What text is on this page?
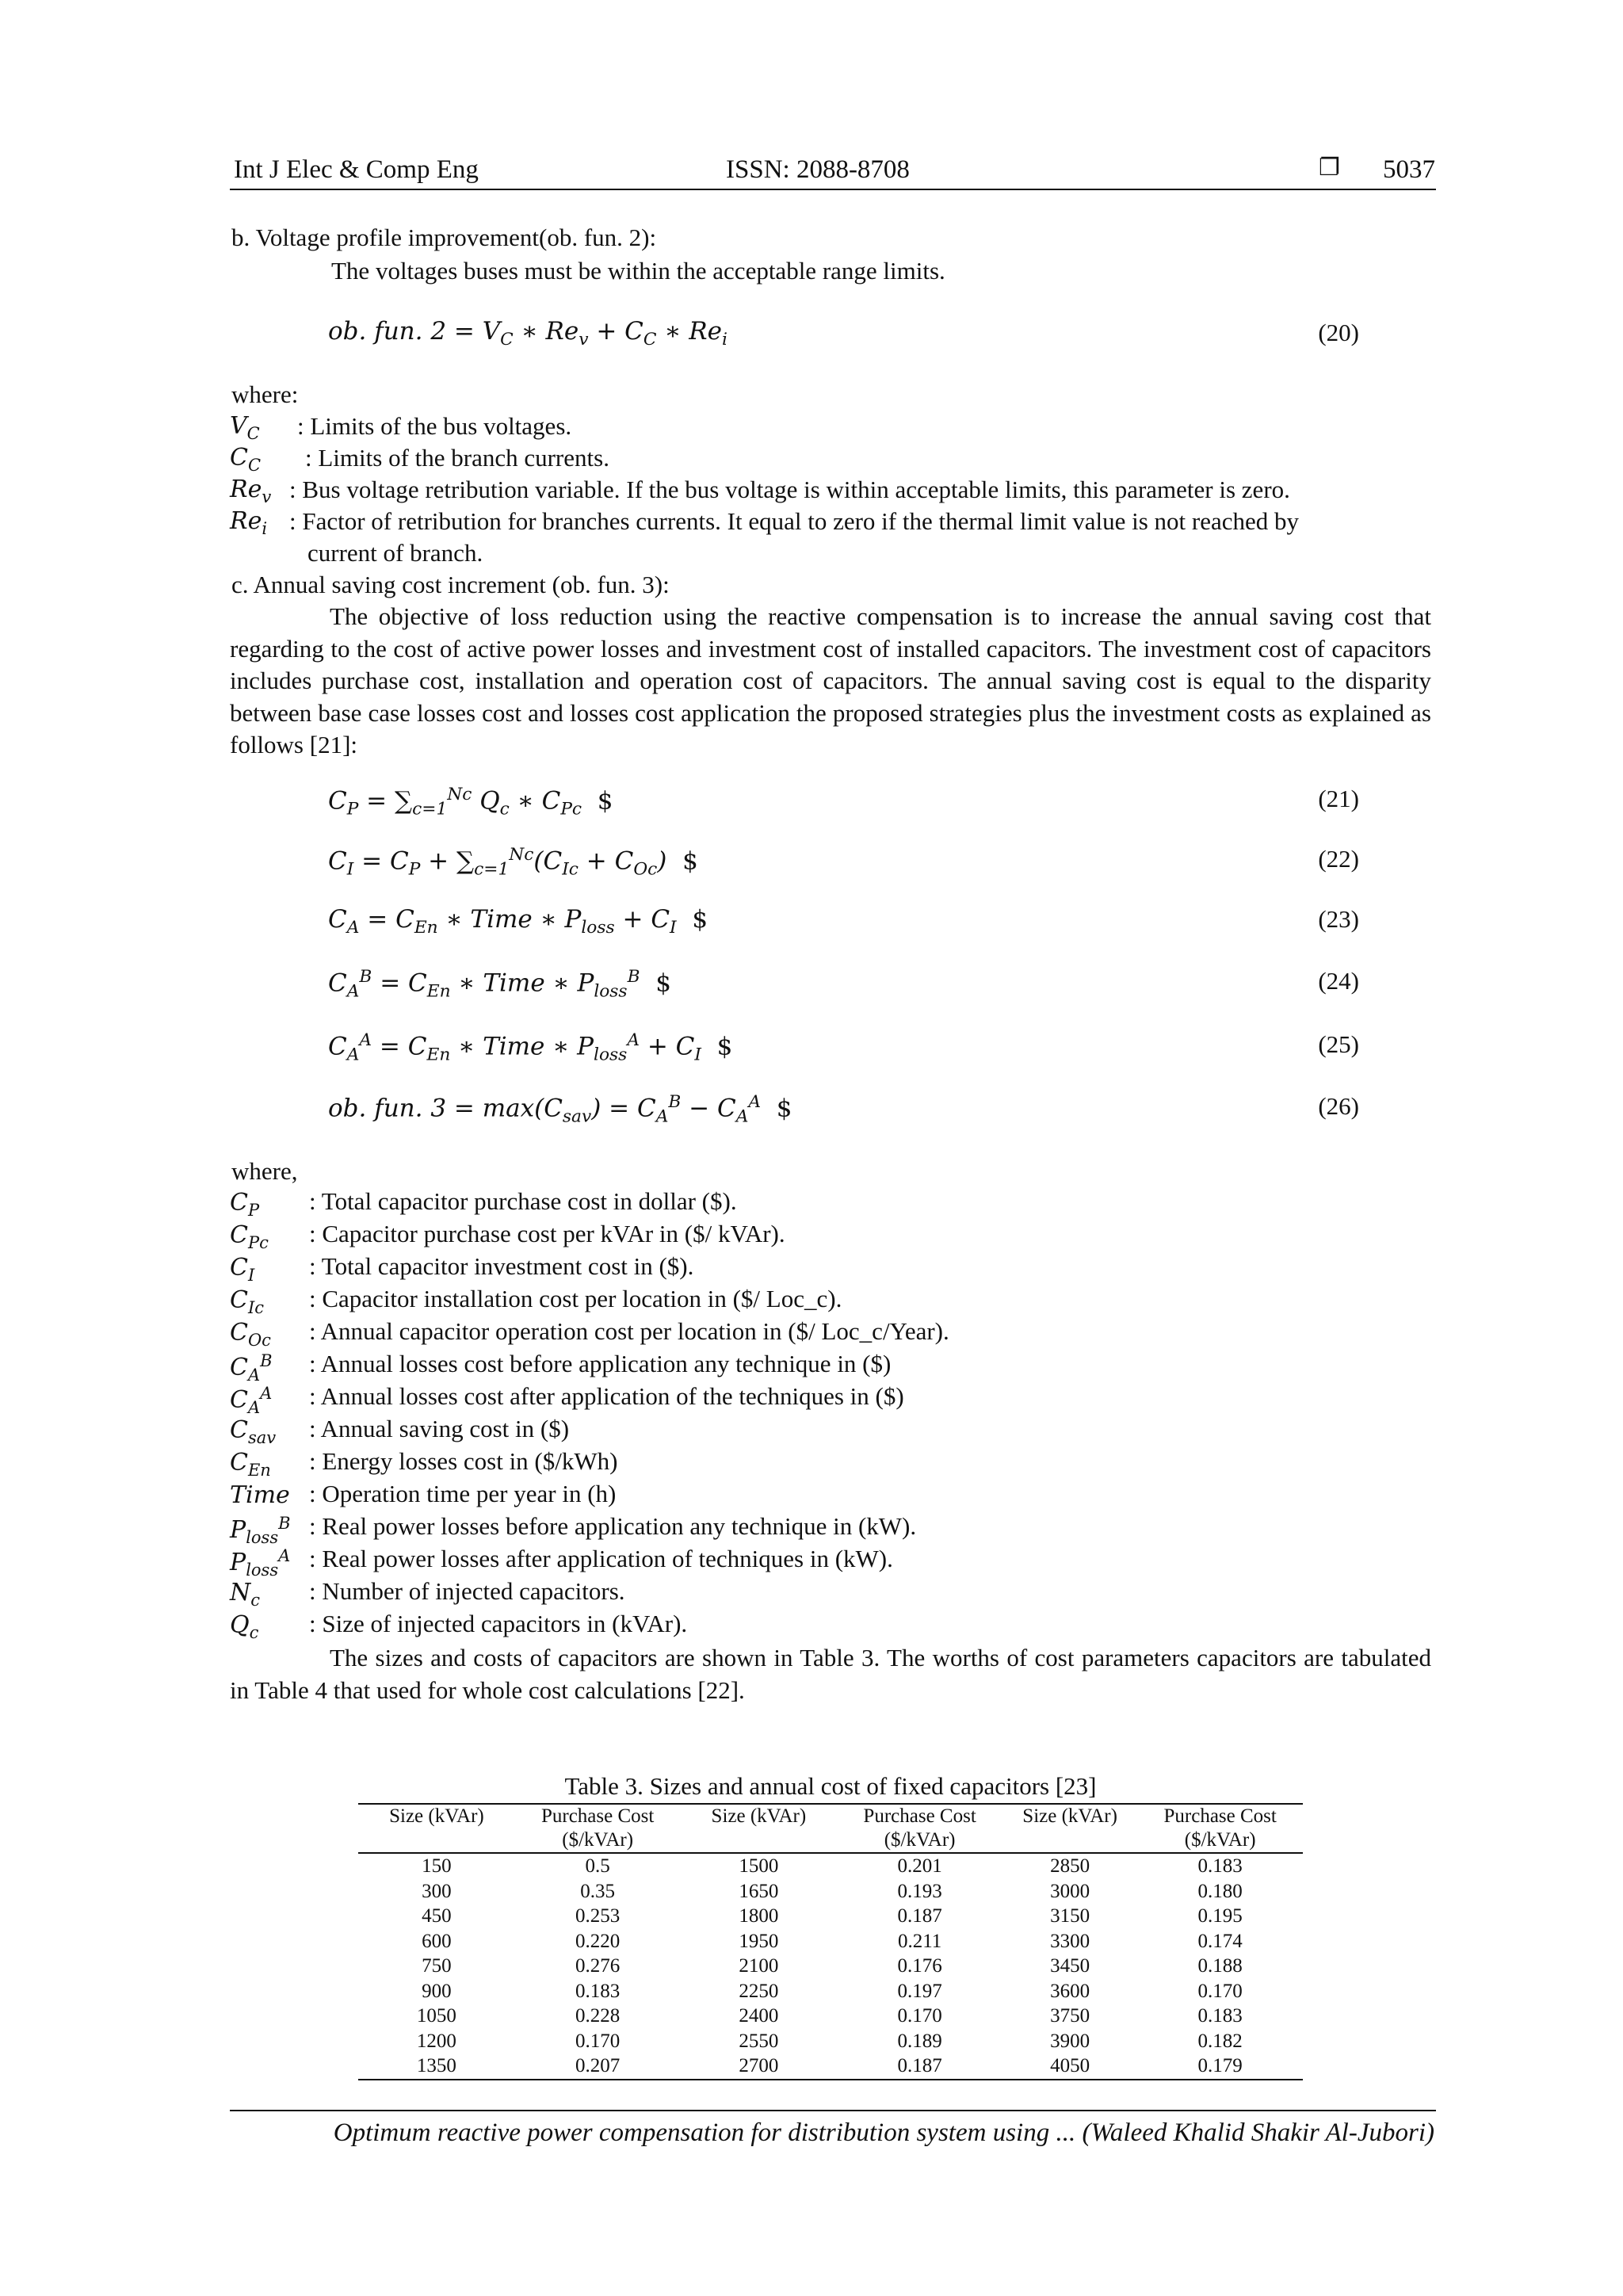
Int J Elec & Comp Eng	ISSN: 2088-8708	❐ 5037
b. Voltage profile improvement(ob. fun. 2):
The voltages buses must be within the acceptable range limits.
ob. fun. $2 = V_C$ ∗ $Re_v + C_C$ ∗ $Re_i$	(20)
where:
$V_C$ : Limits of the bus voltages.
$C_C$ : Limits of the branch currents.
$Re_v$ : Bus voltage retribution variable. If the bus voltage is within acceptable limits, this parameter is zero.
$Re_i$ : Factor of retribution for branches currents. It equal to zero if the thermal limit value is not reached by
current of branch.
c. Annual saving cost increment (ob. fun. 3):
The objective of loss reduction using the reactive compensation is to increase the annual saving cost that regarding to the cost of active power losses and investment cost of installed capacitors. The investment cost of capacitors includes purchase cost, installation and operation cost of capacitors. The annual saving cost is equal to the disparity between base case losses cost and losses cost application the proposed strategies plus the investment costs as explained as follows [21]:
$C_P = \sum_{c=1}^{Nc}$ $Q_c$ ∗ $C_{Pc}$  $	(21)
$C_I = C_P + \sum_{c=1}^{Nc}(C_{Ic} + C_{Oc})$  $	(22)
$C_A = C_{En}$ ∗ Time ∗ $P_{loss} + C_I$  $	(23)
$C_A^B = C_{En}$ ∗ Time ∗ $P_{loss}^B$  $	(24)
$C_A^A = C_{En}$ ∗ Time ∗ $P_{loss}^A + C_I$  $	(25)
ob. fun. $3 = \max(C_{sav}) = C_A^B - C_A^A$  $	(26)
where,
$C_P$ : Total capacitor purchase cost in dollar ($).
$C_{Pc}$ : Capacitor purchase cost per kVAr in ($/ kVAr).
$C_I$ : Total capacitor investment cost in ($).
$C_{Ic}$ : Capacitor installation cost per location in ($/ Loc_c).
$C_{Oc}$ : Annual capacitor operation cost per location in ($/ Loc_c/Year).
$C_A^B$ : Annual losses cost before application any technique in ($)
$C_A^A$ : Annual losses cost after application of the techniques in ($)
$C_{sav}$ : Annual saving cost in ($)
$C_{En}$ : Energy losses cost in ($/kWh)
Time : Operation time per year in (h)
$P_{loss}^B$ : Real power losses before application any technique in (kW).
$P_{loss}^A$ : Real power losses after application of techniques in (kW).
$N_c$ : Number of injected capacitors.
$Q_c$ : Size of injected capacitors in (kVAr).
The sizes and costs of capacitors are shown in Table 3. The worths of cost parameters capacitors are tabulated in Table 4 that used for whole cost calculations [22].
Table 3. Sizes and annual cost of fixed capacitors [23]
Size (kVAr)	Purchase Cost ($/kVAr)	Size (kVAr)	Purchase Cost ($/kVAr)	Size (kVAr)	Purchase Cost ($/kVAr)
150	0.5	1500	0.201	2850	0.183
300	0.35	1650	0.193	3000	0.180
450	0.253	1800	0.187	3150	0.195
600	0.220	1950	0.211	3300	0.174
750	0.276	2100	0.176	3450	0.188
900	0.183	2250	0.197	3600	0.170
1050	0.228	2400	0.170	3750	0.183
1200	0.170	2550	0.189	3900	0.182
1350	0.207	2700	0.187	4050	0.179
Optimum reactive power compensation for distribution system using ... (Waleed Khalid Shakir Al-Jubori)
